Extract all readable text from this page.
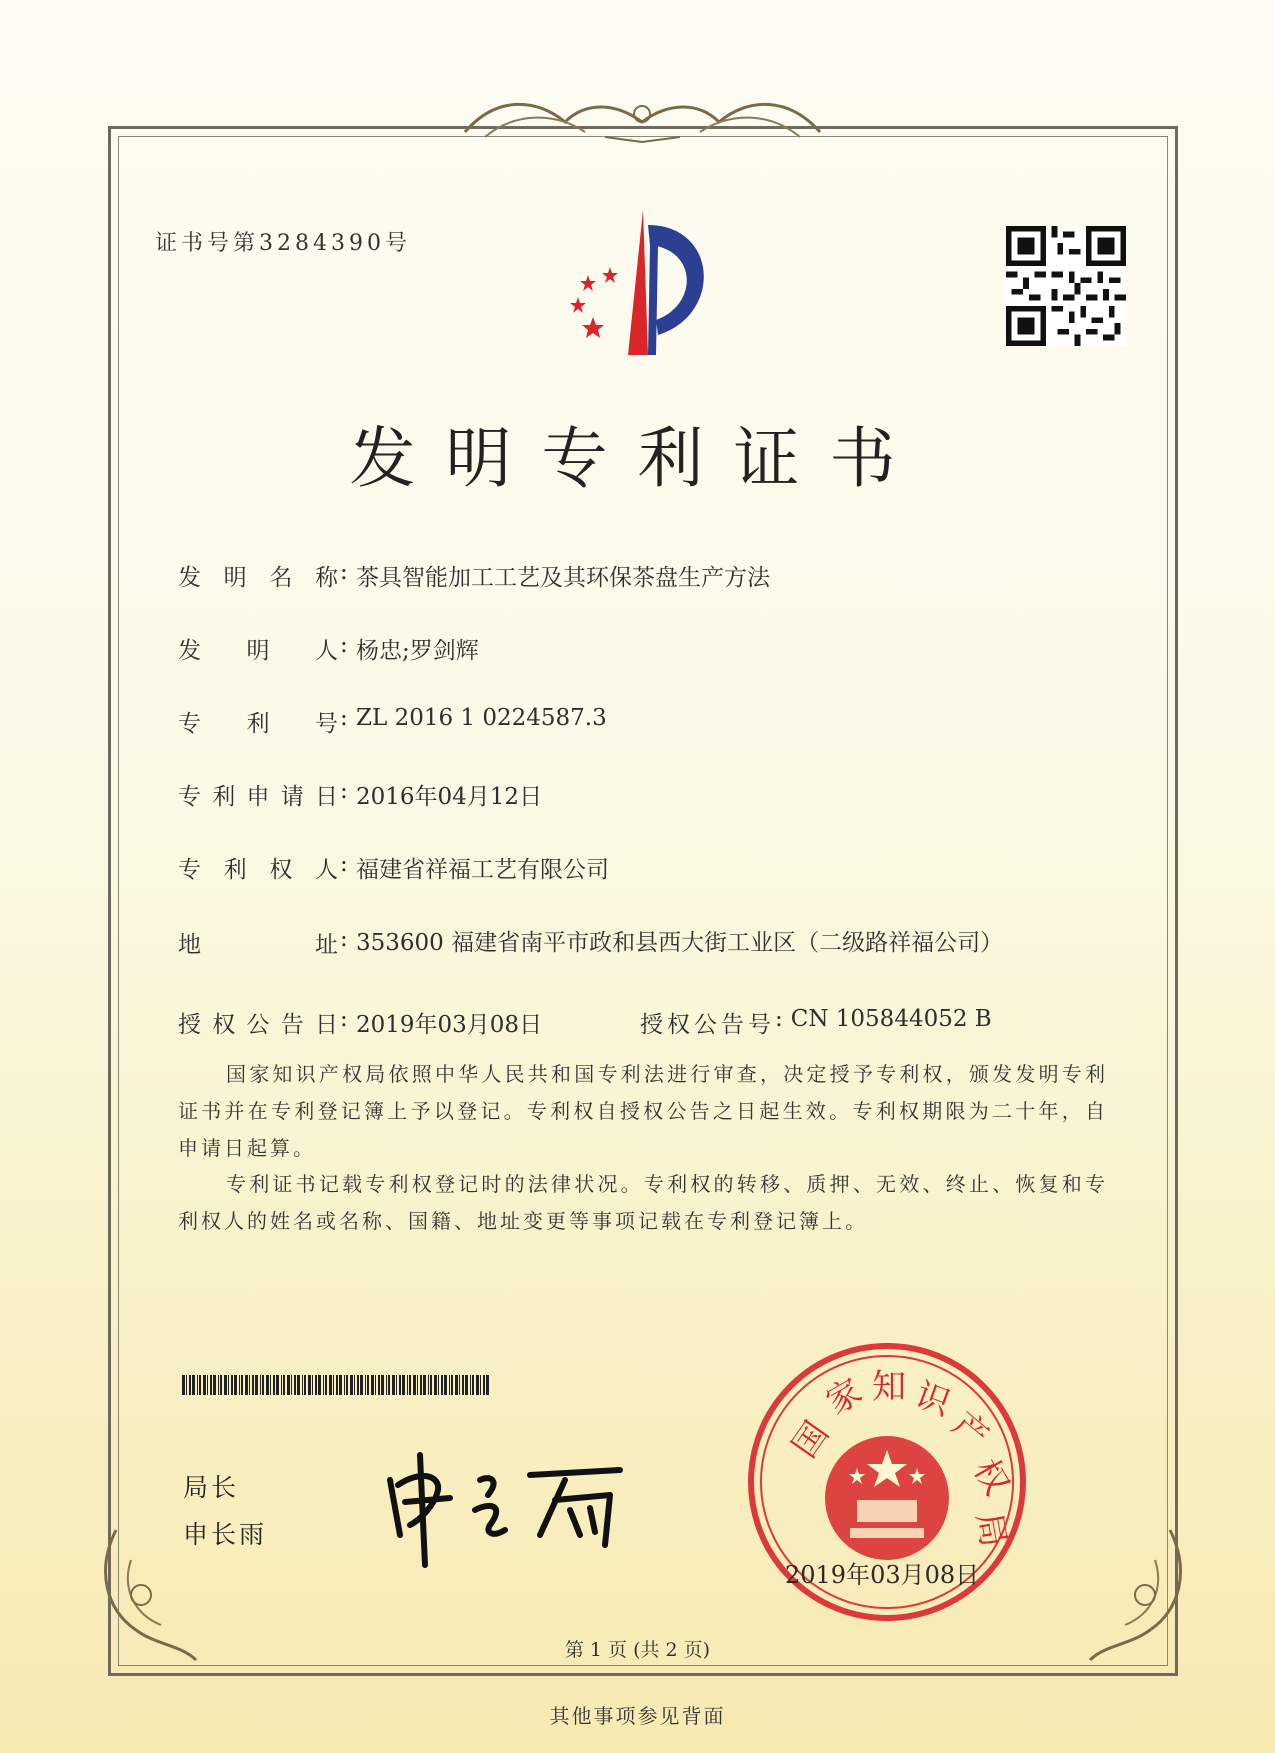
证书号第3284390号
发明专利证书
发明名称 : 茶具智能加工工艺及其环保茶盘生产方法
发明人 : 杨忠;罗剑辉
专利号 : ZL 2016 1 0224587.3
专利申请日 : 2016年04月12日
专利权人 : 福建省祥福工艺有限公司
地址 : 353600 福建省南平市政和县西大街工业区（二级路祥福公司）
授权公告日 : 2019年03月08日	授权公告号 : CN 105844052 B
国家知识产权局依照中华人民共和国专利法进行审查，决定授予专利权，颁发发明专利证书并在专利登记簿上予以登记。专利权自授权公告之日起生效。专利权期限为二十年，自申请日起算。
专利证书记载专利权登记时的法律状况。专利权的转移、质押、无效、终止、恢复和专利权人的姓名或名称、国籍、地址变更等事项记载在专利登记簿上。
局长
申长雨
国
家 知 识
产
权
局
2019年03月08日
第 1 页 (共 2 页)
其他事项参见背面
